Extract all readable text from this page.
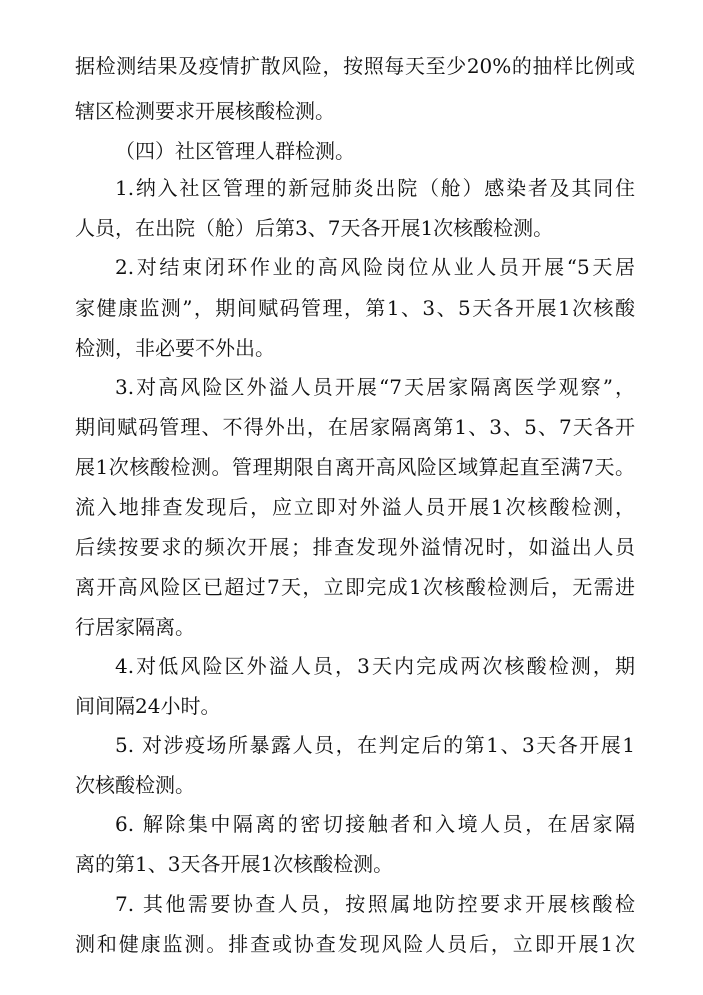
据检测结果及疫情扩散风险，按照每天至少20%的抽样比例或
辖区检测要求开展核酸检测。
（四）社区管理人群检测。
1.纳入社区管理的新冠肺炎出院（舱）感染者及其同住
人员，在出院（舱）后第3、7天各开展1次核酸检测。
2.对结束闭环作业的高风险岗位从业人员开展“5天居
家健康监测”，期间赋码管理，第1、3、5天各开展1次核酸
检测，非必要不外出。
3.对高风险区外溢人员开展“7天居家隔离医学观察”，
期间赋码管理、不得外出，在居家隔离第1、3、5、7天各开
展1次核酸检测。管理期限自离开高风险区域算起直至满7天。
流入地排查发现后，应立即对外溢人员开展1次核酸检测，
后续按要求的频次开展；排查发现外溢情况时，如溢出人员
离开高风险区已超过7天，立即完成1次核酸检测后，无需进
行居家隔离。
4.对低风险区外溢人员，3天内完成两次核酸检测，期
间间隔24小时。
5. 对涉疫场所暴露人员，在判定后的第1、3天各开展1
次核酸检测。
6. 解除集中隔离的密切接触者和入境人员，在居家隔
离的第1、3天各开展1次核酸检测。
7. 其他需要协查人员，按照属地防控要求开展核酸检
测和健康监测。排查或协查发现风险人员后，立即开展1次
